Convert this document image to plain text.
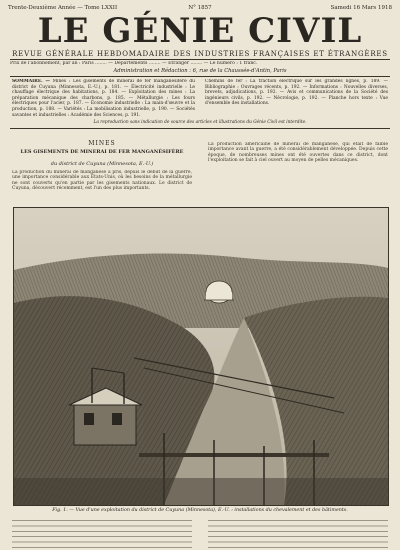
Trente-Deuxième Année — Tome LXXII	N° 1857	Samedi 16 Mars 1918
LE GÉNIE CIVIL
REVUE GÉNÉRALE HEBDOMADAIRE DES INDUSTRIES FRANÇAISES ET ÉTRANGÈRES
Prix de l'abonnement, par an : Paris ........ — Départements ........ — Étranger ........ — Le numéro : 1 franc.
Administration et Rédaction : 6, rue de la Chaussée-d'Antin, Paris
SOMMAIRE. — Mines : Les gisements de minerai de fer manganésifère du district de Cuyuna (Minnesota, E.-U.), p. 181. — Électricité industrielle : Le chauffage électrique des habitations, p. 184. — Exploitation des mines : La préparation mécanique des charbons, p. 185. — Métallurgie : Les fours électriques pour l'acier, p. 187. — Économie industrielle : La main-d'œuvre et la production, p. 188. — Variétés : La mobilisation industrielle, p. 190. — Sociétés savantes et industrielles : Académie des Sciences, p. 191.
Chemins de fer : La traction électrique sur les grandes lignes, p. 189. — Bibliographie : Ouvrages récents, p. 192. — Informations : Nouvelles diverses, brevets, adjudications, p. 192. — Avis et communications de la Société des ingénieurs civils, p. 192. — Nécrologie, p. 192. — Planche hors texte : Vue d'ensemble des installations.
La reproduction sans indication de source des articles et illustrations du Génie Civil est interdite.
MINES
LES GISEMENTS DE MINERAI DE FER MANGANÉSIFÈRE
du district de Cuyuna (Minnesota, E.-U.)
La production du minerai de manganèse a pris, depuis le début de la guerre, une importance considérable aux États-Unis, où les besoins de la métallurgie ne sont couverts qu'en partie par les gisements nationaux. Le district de Cuyuna, découvert récemment, est l'un des plus importants.
La production américaine de minerai de manganèse, qui était de faible importance avant la guerre, a été considérablement développée. Depuis cette époque, de nombreuses mines ont été ouvertes dans ce district, dont l'exploitation se fait à ciel ouvert au moyen de pelles mécaniques.
Fig. 1. — Vue d'une exploitation du district de Cuyuna (Minnesota), E.-U. : installations du chevalement et des bâtiments.
